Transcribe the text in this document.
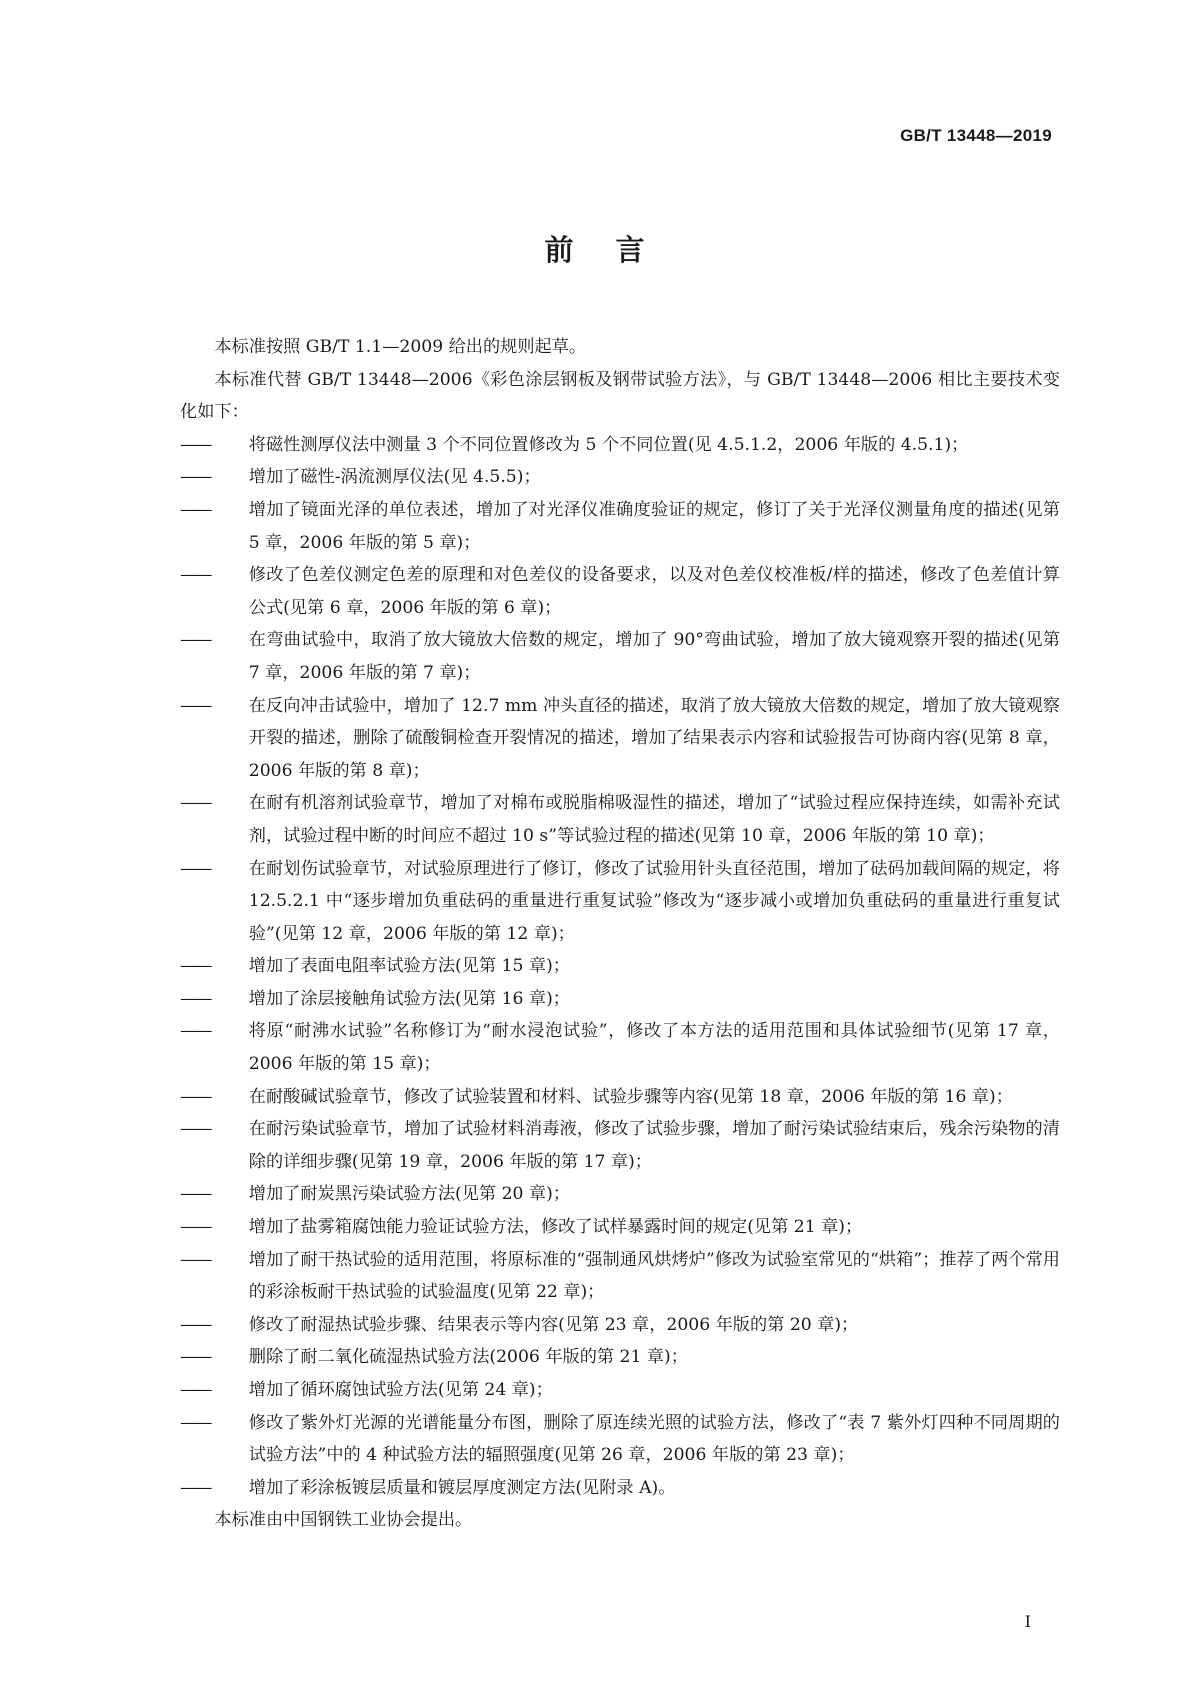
GB/T 13448—2019
前 言

本标准按照 GB/T 1.1—2009 给出的规则起草。

本标准代替 GB/T 13448—2006《彩色涂层钢板及钢带试验方法》，与 GB/T 13448—2006 相比主要技术变化如下：

——	将磁性测厚仪法中测量 3 个不同位置修改为 5 个不同位置(见 4.5.1.2，2006 年版的 4.5.1)；
——	增加了磁性-涡流测厚仪法(见 4.5.5)；
——	增加了镜面光泽的单位表述，增加了对光泽仪准确度验证的规定，修订了关于光泽仪测量角度的描述(见第 5 章，2006 年版的第 5 章)；
——	修改了色差仪测定色差的原理和对色差仪的设备要求，以及对色差仪校准板/样的描述，修改了色差值计算公式(见第 6 章，2006 年版的第 6 章)；
——	在弯曲试验中，取消了放大镜放大倍数的规定，增加了 90°弯曲试验，增加了放大镜观察开裂的描述(见第 7 章，2006 年版的第 7 章)；
——	在反向冲击试验中，增加了 12.7 mm 冲头直径的描述，取消了放大镜放大倍数的规定，增加了放大镜观察开裂的描述，删除了硫酸铜检查开裂情况的描述，增加了结果表示内容和试验报告可协商内容(见第 8 章，2006 年版的第 8 章)；
——	在耐有机溶剂试验章节，增加了对棉布或脱脂棉吸湿性的描述，增加了“试验过程应保持连续，如需补充试剂，试验过程中断的时间应不超过 10 s”等试验过程的描述(见第 10 章，2006 年版的第 10 章)；
——	在耐划伤试验章节，对试验原理进行了修订，修改了试验用针头直径范围，增加了砝码加载间隔的规定，将 12.5.2.1 中“逐步增加负重砝码的重量进行重复试验”修改为“逐步减小或增加负重砝码的重量进行重复试验”(见第 12 章，2006 年版的第 12 章)；
——	增加了表面电阻率试验方法(见第 15 章)；
——	增加了涂层接触角试验方法(见第 16 章)；
——	将原“耐沸水试验”名称修订为“耐水浸泡试验”，修改了本方法的适用范围和具体试验细节(见第 17 章，2006 年版的第 15 章)；
——	在耐酸碱试验章节，修改了试验装置和材料、试验步骤等内容(见第 18 章，2006 年版的第 16 章)；
——	在耐污染试验章节，增加了试验材料消毒液，修改了试验步骤，增加了耐污染试验结束后，残余污染物的清除的详细步骤(见第 19 章，2006 年版的第 17 章)；
——	增加了耐炭黑污染试验方法(见第 20 章)；
——	增加了盐雾箱腐蚀能力验证试验方法，修改了试样暴露时间的规定(见第 21 章)；
——	增加了耐干热试验的适用范围，将原标准的“强制通风烘烤炉”修改为试验室常见的“烘箱”；推荐了两个常用的彩涂板耐干热试验的试验温度(见第 22 章)；
——	修改了耐湿热试验步骤、结果表示等内容(见第 23 章，2006 年版的第 20 章)；
——	删除了耐二氧化硫湿热试验方法(2006 年版的第 21 章)；
——	增加了循环腐蚀试验方法(见第 24 章)；
——	修改了紫外灯光源的光谱能量分布图，删除了原连续光照的试验方法，修改了“表 7 紫外灯四种不同周期的试验方法”中的 4 种试验方法的辐照强度(见第 26 章，2006 年版的第 23 章)；
——	增加了彩涂板镀层质量和镀层厚度测定方法(见附录 A)。

本标准由中国钢铁工业协会提出。

I
